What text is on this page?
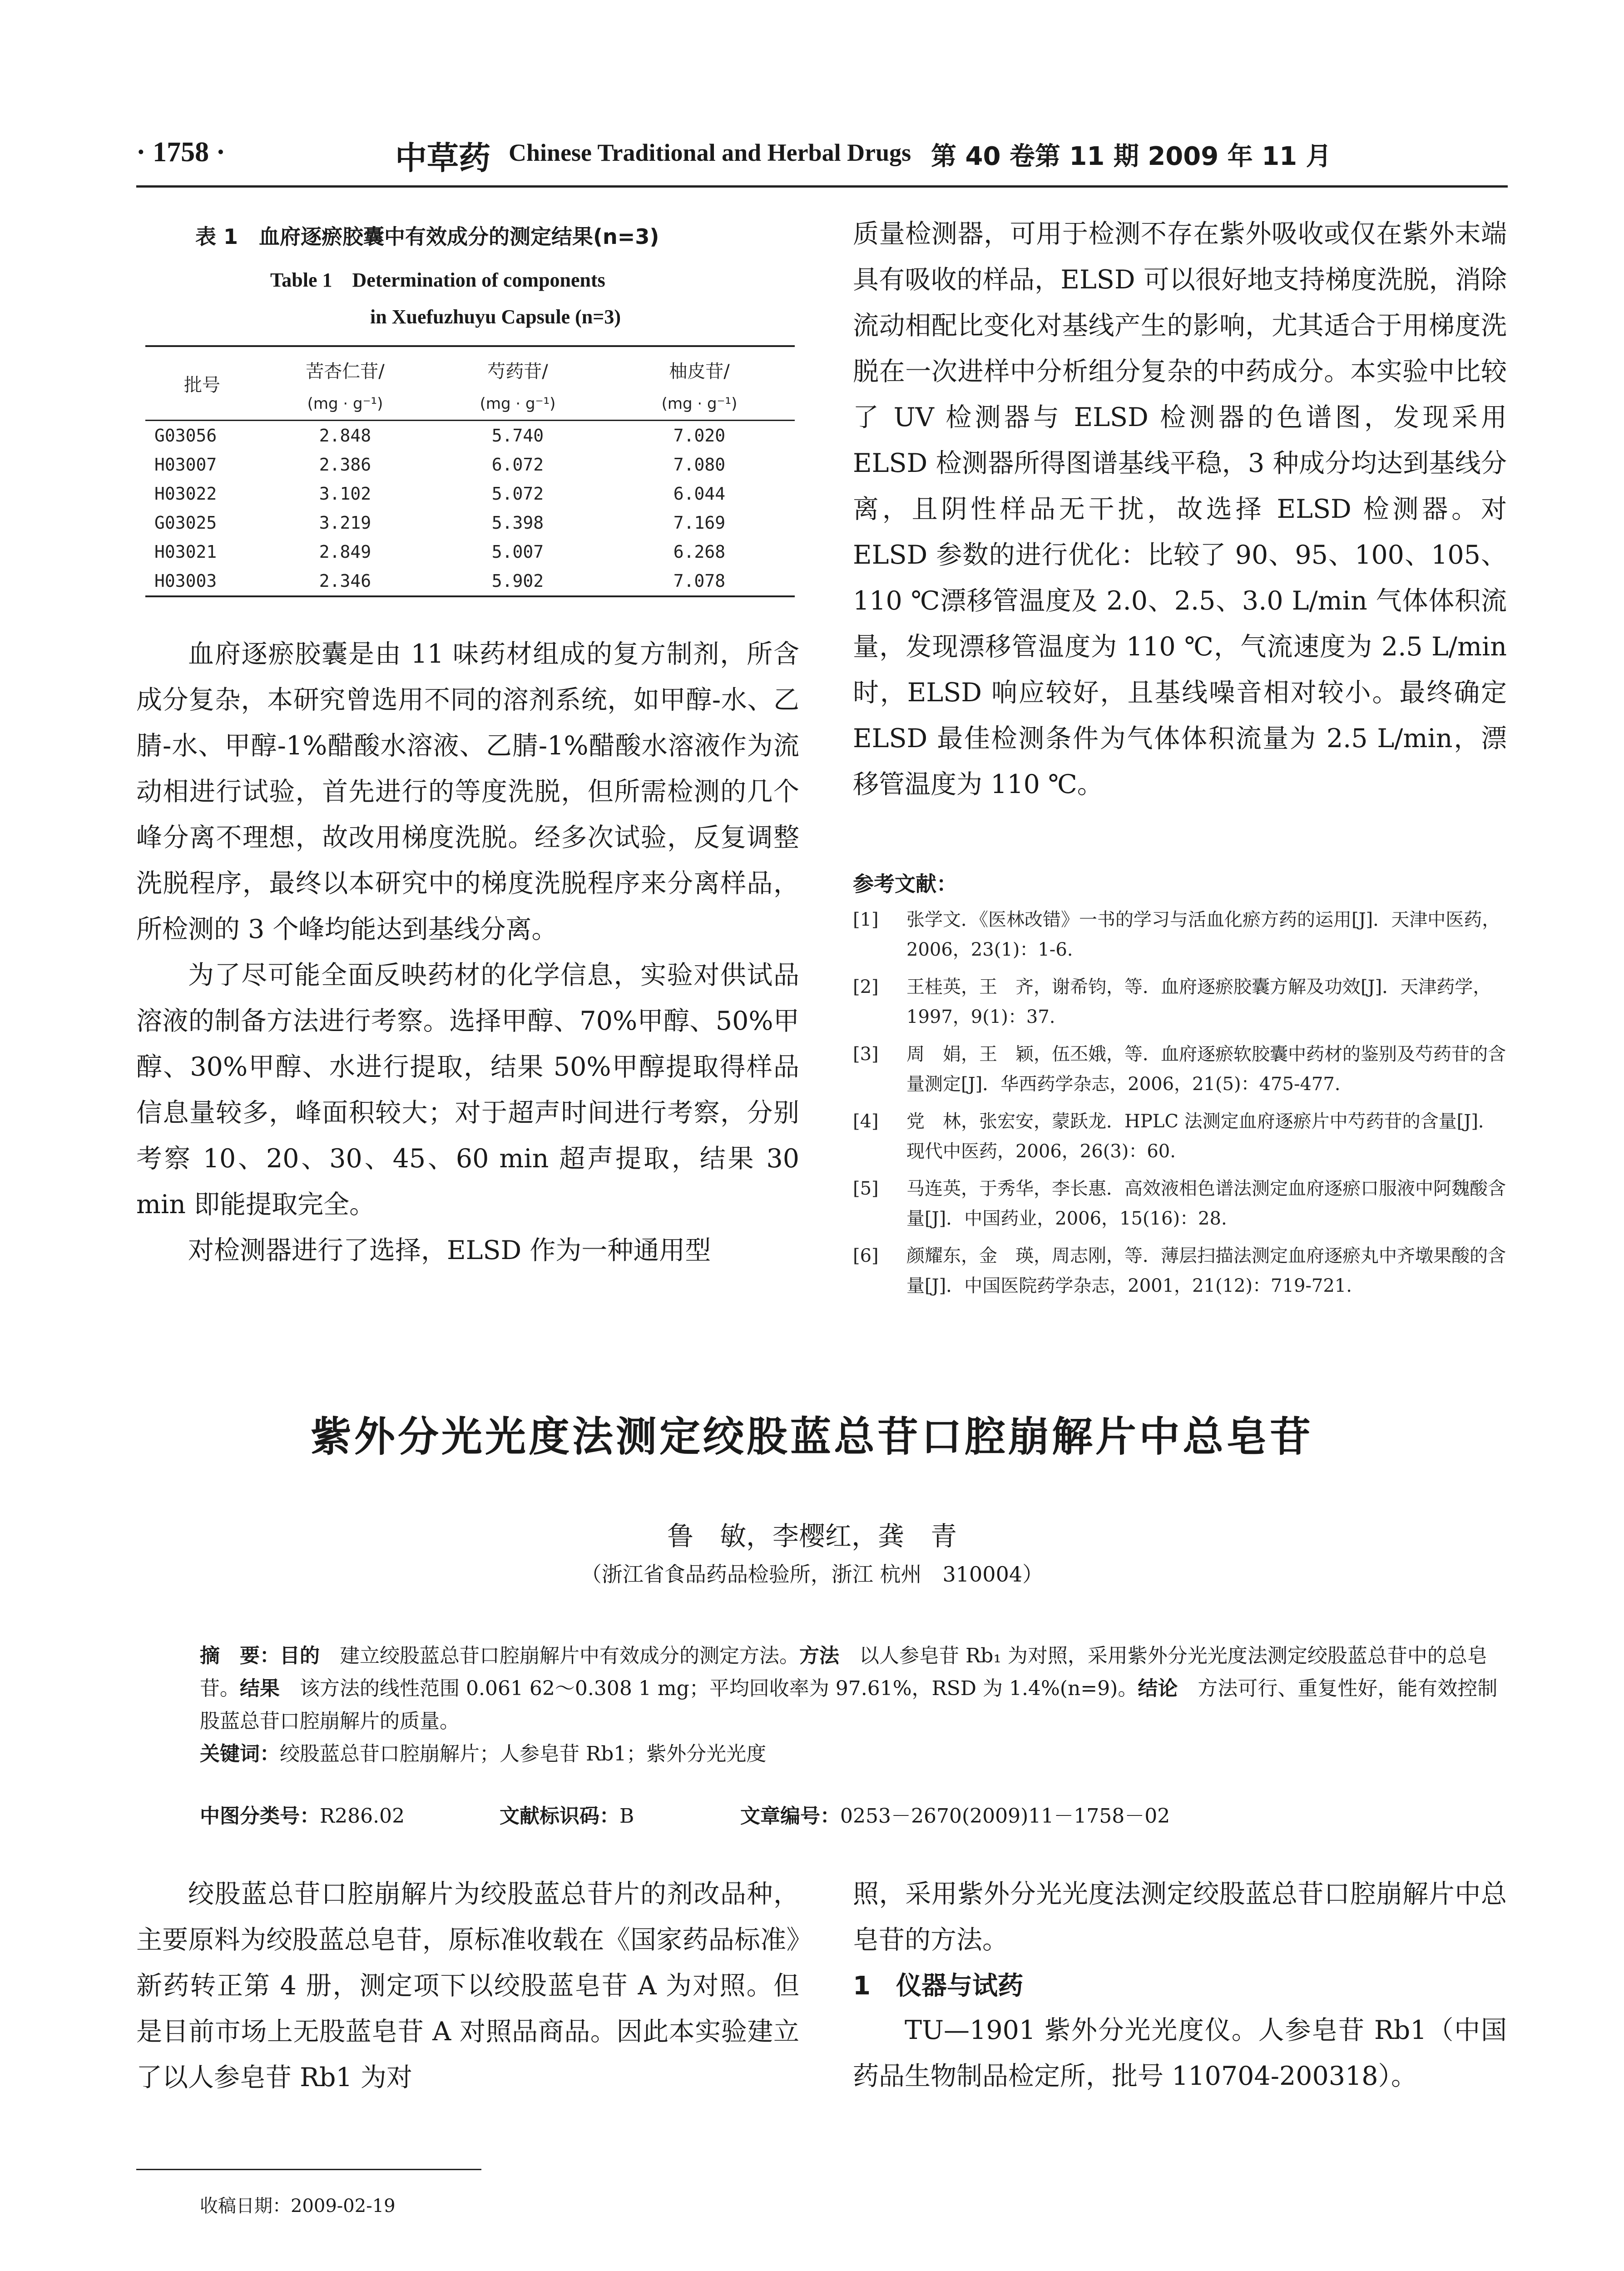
· 1758 ·	中草药 Chinese Traditional and Herbal Drugs 第 40 卷第 11 期 2009 年 11 月
表 1　血府逐瘀胶囊中有效成分的测定结果(n=3)
Table 1　Determination of components
in Xuefuzhuyu Capsule (n=3)
批号	苦杏仁苷/	芍药苷/	柚皮苷/
	(mg · g⁻¹)	(mg · g⁻¹)	(mg · g⁻¹)
G03056	2.848	5.740	7.020
H03007	2.386	6.072	7.080
H03022	3.102	5.072	6.044
G03025	3.219	5.398	7.169
H03021	2.849	5.007	6.268
H03003	2.346	5.902	7.078

血府逐瘀胶囊是由 11 味药材组成的复方制剂，所含成分复杂，本研究曾选用不同的溶剂系统，如甲醇-水、乙腈-水、甲醇-1%醋酸水溶液、乙腈-1%醋酸水溶液作为流动相进行试验，首先进行的等度洗脱，但所需检测的几个峰分离不理想，故改用梯度洗脱。经多次试验，反复调整洗脱程序，最终以本研究中的梯度洗脱程序来分离样品，所检测的 3 个峰均能达到基线分离。

为了尽可能全面反映药材的化学信息，实验对供试品溶液的制备方法进行考察。选择甲醇、70%甲醇、50%甲醇、30%甲醇、水进行提取，结果 50%甲醇提取得样品信息量较多，峰面积较大；对于超声时间进行考察，分别考察 10、20、30、45、60 min 超声提取，结果 30 min 即能提取完全。

对检测器进行了选择，ELSD 作为一种通用型

质量检测器，可用于检测不存在紫外吸收或仅在紫外末端具有吸收的样品，ELSD 可以很好地支持梯度洗脱，消除流动相配比变化对基线产生的影响，尤其适合于用梯度洗脱在一次进样中分析组分复杂的中药成分。本实验中比较了 UV 检测器与 ELSD 检测器的色谱图，发现采用 ELSD 检测器所得图谱基线平稳，3 种成分均达到基线分离，且阴性样品无干扰，故选择 ELSD 检测器。对 ELSD 参数的进行优化：比较了 90、95、100、105、110 ℃漂移管温度及 2.0、2.5、3.0 L/min 气体体积流量，发现漂移管温度为 110 ℃，气流速度为 2.5 L/min 时，ELSD 响应较好，且基线噪音相对较小。最终确定 ELSD 最佳检测条件为气体体积流量为 2.5 L/min，漂移管温度为 110 ℃。

参考文献：
[1] 张学文．《医林改错》一书的学习与活血化瘀方药的运用[J]．天津中医药，2006，23(1)：1-6.
[2] 王桂英，王　齐，谢希钧，等．血府逐瘀胶囊方解及功效[J]．天津药学，1997，9(1)：37.
[3] 周　娟，王　颖，伍丕娥，等．血府逐瘀软胶囊中药材的鉴别及芍药苷的含量测定[J]．华西药学杂志，2006，21(5)：475-477.
[4] 党　林，张宏安，蒙跃龙．HPLC 法测定血府逐瘀片中芍药苷的含量[J]．现代中医药，2006，26(3)：60.
[5] 马连英，于秀华，李长惠．高效液相色谱法测定血府逐瘀口服液中阿魏酸含量[J]．中国药业，2006，15(16)：28.
[6] 颜耀东，金　瑛，周志刚，等．薄层扫描法测定血府逐瘀丸中齐墩果酸的含量[J]．中国医院药学杂志，2001，21(12)：719-721.
紫外分光光度法测定绞股蓝总苷口腔崩解片中总皂苷
鲁　敏，李樱红，龚　青
（浙江省食品药品检验所，浙江 杭州　310004）

摘　要：目的　 建立绞股蓝总苷口腔崩解片中有效成分的测定方法。方法　 以人参皂苷 Rb₁ 为对照，采用紫外分光光度法测定绞股蓝总苷中的总皂苷。结果　 该方法的线性范围 0.061 62～0.308 1 mg；平均回收率为 97.61%，RSD 为 1.4%(n=9)。结论　 方法可行、重复性好，能有效控制股蓝总苷口腔崩解片的质量。

关键词：绞股蓝总苷口腔崩解片；人参皂苷 Rb1；紫外分光光度

中图分类号：R286.02	文献标识码：B	文章编号：0253－2670(2009)11－1758－02

绞股蓝总苷口腔崩解片为绞股蓝总苷片的剂改品种，主要原料为绞股蓝总皂苷，原标准收载在《国家药品标准》新药转正第 4 册，测定项下以绞股蓝皂苷 A 为对照。但是目前市场上无股蓝皂苷 A 对照品商品。因此本实验建立了以人参皂苷 Rb1 为对

照，采用紫外分光光度法测定绞股蓝总苷口腔崩解片中总皂苷的方法。

1　仪器与试药

TU—1901 紫外分光光度仪。人参皂苷 Rb1（中国药品生物制品检定所，批号 110704-200318）。

收稿日期：2009-02-19
